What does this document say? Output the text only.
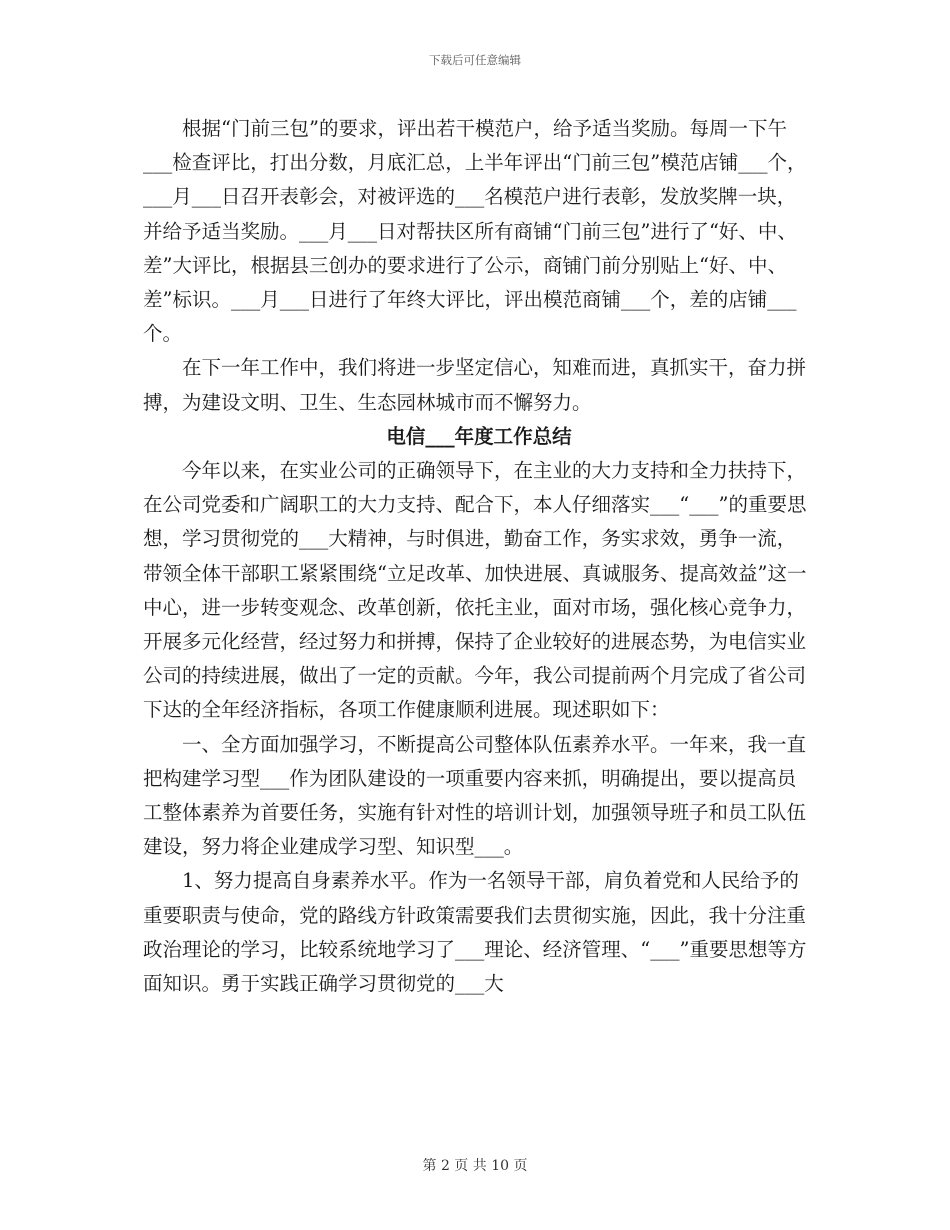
下载后可任意编辑

根据“门前三包”的要求，评出若干模范户，给予适当奖励。每周一下午___检查评比，打出分数，月底汇总，上半年评出“门前三包”模范店铺___个，___月___日召开表彰会，对被评选的___名模范户进行表彰，发放奖牌一块，并给予适当奖励。___月___日对帮扶区所有商铺“门前三包”进行了“好、中、差”大评比，根据县三创办的要求进行了公示，商铺门前分别贴上“好、中、差”标识。___月___日进行了年终大评比，评出模范商铺___个，差的店铺___个。

在下一年工作中，我们将进一步坚定信心，知难而进，真抓实干，奋力拼搏，为建设文明、卫生、生态园林城市而不懈努力。

电信___年度工作总结

今年以来，在实业公司的正确领导下，在主业的大力支持和全力扶持下，在公司党委和广阔职工的大力支持、配合下，本人仔细落实___“___”的重要思想，学习贯彻党的___大精神，与时俱进，勤奋工作，务实求效，勇争一流，带领全体干部职工紧紧围绕“立足改革、加快进展、真诚服务、提高效益”这一中心，进一步转变观念、改革创新，依托主业，面对市场，强化核心竞争力，开展多元化经营，经过努力和拼搏，保持了企业较好的进展态势，为电信实业公司的持续进展，做出了一定的贡献。今年，我公司提前两个月完成了省公司下达的全年经济指标，各项工作健康顺利进展。现述职如下：

一、全方面加强学习，不断提高公司整体队伍素养水平。一年来，我一直把构建学习型___作为团队建设的一项重要内容来抓，明确提出，要以提高员工整体素养为首要任务，实施有针对性的培训计划，加强领导班子和员工队伍建设，努力将企业建成学习型、知识型___。

1、努力提高自身素养水平。作为一名领导干部，肩负着党和人民给予的重要职责与使命，党的路线方针政策需要我们去贯彻实施，因此，我十分注重政治理论的学习，比较系统地学习了___理论、经济管理、“___”重要思想等方面知识。勇于实践正确学习贯彻党的___大

第 2 页 共 10 页
